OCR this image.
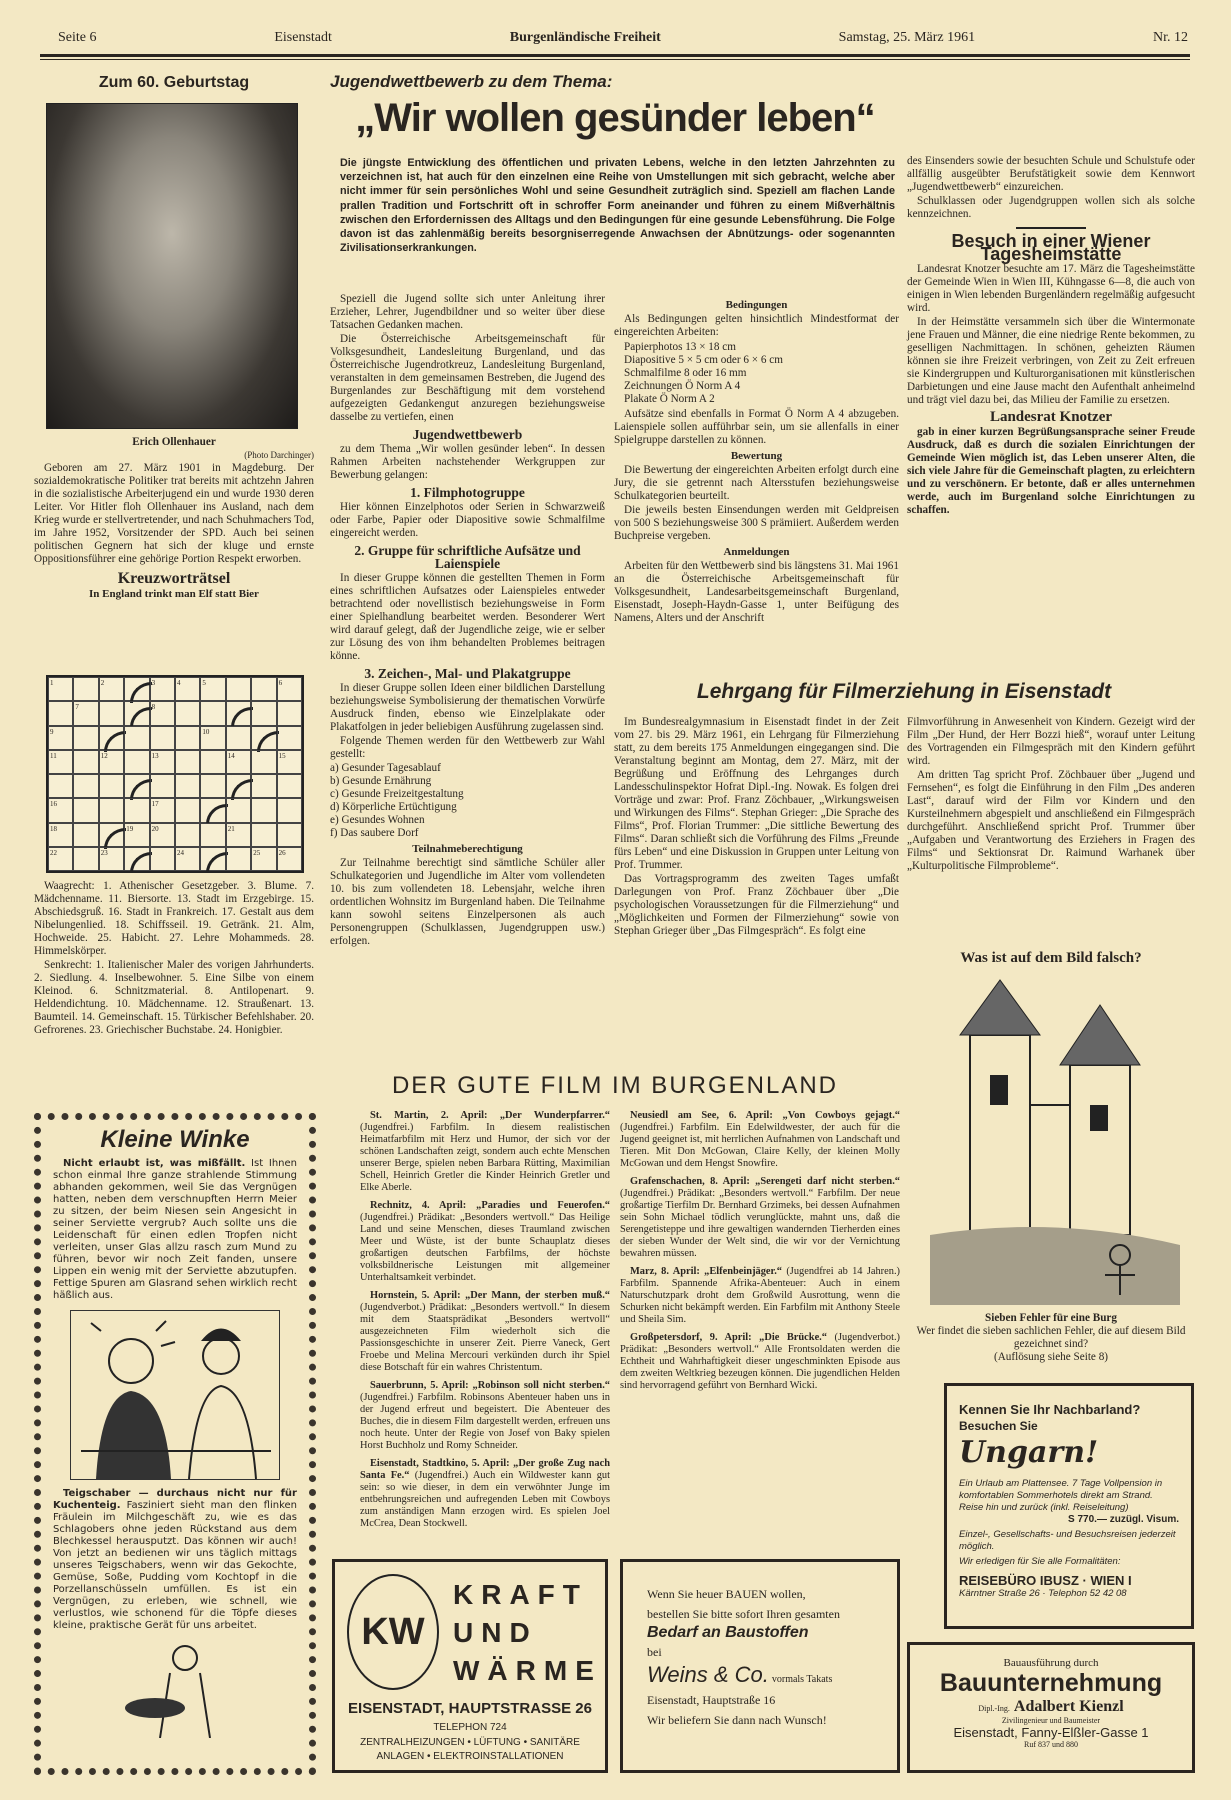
Seite 6	Eisenstadt	Burgenländische Freiheit	Samstag, 25. März 1961	Nr. 12
Zum 60. Geburtstag
Erich Ollenhauer
(Photo Darchinger)

Geboren am 27. März 1901 in Magdeburg. Der sozialdemokratische Politiker trat bereits mit achtzehn Jahren in die sozialistische Arbeiterjugend ein und wurde 1930 deren Leiter. Vor Hitler floh Ollenhauer ins Ausland, nach dem Krieg wurde er stellvertretender, und nach Schuhmachers Tod, im Jahre 1952, Vorsitzender der SPD. Auch bei seinen politischen Gegnern hat sich der kluge und ernste Oppositionsführer eine gehörige Portion Respekt erworben.

Kreuzworträtsel
In England trinkt man Elf statt Bier
1	2	3	4	5	6
7	8
9	10
11	12	13	14	15
16	17
18	19	20	21
22	23	24	25	26

Waagrecht: 1. Athenischer Gesetzgeber. 3. Blume. 7. Mädchenname. 11. Biersorte. 13. Stadt im Erzgebirge. 15. Abschiedsgruß. 16. Stadt in Frankreich. 17. Gestalt aus dem Nibelungenlied. 18. Schiffsseil. 19. Getränk. 21. Alm, Hochweide. 25. Habicht. 27. Lehre Mohammeds. 28. Himmelskörper.

Senkrecht: 1. Italienischer Maler des vorigen Jahrhunderts. 2. Siedlung. 4. Inselbewohner. 5. Eine Silbe von einem Kleinod. 6. Schnitzmaterial. 8. Antilopenart. 9. Heldendichtung. 10. Mädchenname. 12. Straußenart. 13. Baumteil. 14. Gemeinschaft. 15. Türkischer Befehlshaber. 20. Gefrorenes. 23. Griechischer Buchstabe. 24. Honigbier.

Kleine Winke

Nicht erlaubt ist, was mißfällt. Ist Ihnen schon einmal Ihre ganze strahlende Stimmung abhanden gekommen, weil Sie das Vergnügen hatten, neben dem verschnupften Herrn Meier zu sitzen, der beim Niesen sein Angesicht in seiner Serviette vergrub? Auch sollte uns die Leidenschaft für einen edlen Tropfen nicht verleiten, unser Glas allzu rasch zum Mund zu führen, bevor wir noch Zeit fanden, unsere Lippen ein wenig mit der Serviette abzutupfen. Fettige Spuren am Glasrand sehen wirklich recht häßlich aus.

Teigschaber — durchaus nicht nur für Kuchenteig. Fasziniert sieht man den flinken Fräulein im Milchgeschäft zu, wie es das Schlagobers ohne jeden Rückstand aus dem Blechkessel herausputzt. Das können wir auch! Von jetzt an bedienen wir uns täglich mittags unseres Teigschabers, wenn wir das Gekochte, Gemüse, Soße, Pudding vom Kochtopf in die Porzellanschüsseln umfüllen. Es ist ein Vergnügen, zu erleben, wie schnell, wie verlustlos, wie schonend für die Töpfe dieses kleine, praktische Gerät für uns arbeitet.

Jugendwettbewerb zu dem Thema:
„Wir wollen gesünder leben“
Die jüngste Entwicklung des öffentlichen und privaten Lebens, welche in den letzten Jahrzehnten zu verzeichnen ist, hat auch für den einzelnen eine Reihe von Umstellungen mit sich gebracht, welche aber nicht immer für sein persönliches Wohl und seine Gesundheit zuträglich sind. Speziell am flachen Lande prallen Tradition und Fortschritt oft in schroffer Form aneinander und führen zu einem Mißverhältnis zwischen den Erfordernissen des Alltags und den Bedingungen für eine gesunde Lebensführung. Die Folge davon ist das zahlenmäßig bereits besorgniserregende Anwachsen der Abnützungs- oder sogenannten Zivilisationserkrankungen.

Speziell die Jugend sollte sich unter Anleitung ihrer Erzieher, Lehrer, Jugendbildner und so weiter über diese Tatsachen Gedanken machen.

Die Österreichische Arbeitsgemeinschaft für Volksgesundheit, Landesleitung Burgenland, und das Österreichische Jugendrotkreuz, Landesleitung Burgenland, veranstalten in dem gemeinsamen Bestreben, die Jugend des Burgenlandes zur Beschäftigung mit dem vorstehend aufgezeigten Gedankengut anzuregen beziehungsweise dasselbe zu vertiefen, einen

Jugendwettbewerb

zu dem Thema „Wir wollen gesünder leben“. In dessen Rahmen Arbeiten nachstehender Werkgruppen zur Bewerbung gelangen:

1. Filmphotogruppe

Hier können Einzelphotos oder Serien in Schwarzweiß oder Farbe, Papier oder Diapositive sowie Schmalfilme eingereicht werden.

2. Gruppe für schriftliche Aufsätze und Laienspiele

In dieser Gruppe können die gestellten Themen in Form eines schriftlichen Aufsatzes oder Laienspieles entweder betrachtend oder novellistisch beziehungsweise in Form einer Spielhandlung bearbeitet werden. Besonderer Wert wird darauf gelegt, daß der Jugendliche zeige, wie er selber zur Lösung des von ihm behandelten Problemes beitragen könne.

3. Zeichen-, Mal- und Plakatgruppe

In dieser Gruppe sollen Ideen einer bildlichen Darstellung beziehungsweise Symbolisierung der thematischen Vorwürfe Ausdruck finden, ebenso wie Einzelplakate oder Plakatfolgen in jeder beliebigen Ausführung zugelassen sind.

Folgende Themen werden für den Wettbewerb zur Wahl gestellt:

a) Gesunder Tagesablauf
b) Gesunde Ernährung
c) Gesunde Freizeitgestaltung
d) Körperliche Ertüchtigung
e) Gesundes Wohnen
f) Das saubere Dorf
Teilnahmeberechtigung

Zur Teilnahme berechtigt sind sämtliche Schüler aller Schulkategorien und Jugendliche im Alter vom vollendeten 10. bis zum vollendeten 18. Lebensjahr, welche ihren ordentlichen Wohnsitz im Burgenland haben. Die Teilnahme kann sowohl seitens Einzelpersonen als auch Personengruppen (Schulklassen, Jugendgruppen usw.) erfolgen.

Bedingungen

Als Bedingungen gelten hinsichtlich Mindestformat der eingereichten Arbeiten:

Papierphotos 13 × 18 cm
Diapositive 5 × 5 cm oder 6 × 6 cm
Schmalfilme 8 oder 16 mm
Zeichnungen Ö Norm A 4
Plakate Ö Norm A 2

Aufsätze sind ebenfalls in Format Ö Norm A 4 abzugeben. Laienspiele sollen aufführbar sein, um sie allenfalls in einer Spielgruppe darstellen zu können.

Bewertung

Die Bewertung der eingereichten Arbeiten erfolgt durch eine Jury, die sie getrennt nach Altersstufen beziehungsweise Schulkategorien beurteilt.

Die jeweils besten Einsendungen werden mit Geldpreisen von 500 S beziehungsweise 300 S prämiiert. Außerdem werden Buchpreise vergeben.

Anmeldungen

Arbeiten für den Wettbewerb sind bis längstens 31. Mai 1961 an die Österreichische Arbeitsgemeinschaft für Volksgesundheit, Landesarbeitsgemeinschaft Burgenland, Eisenstadt, Joseph-Haydn-Gasse 1, unter Beifügung des Namens, Alters und der Anschrift

des Einsenders sowie der besuchten Schule und Schulstufe oder allfällig ausgeübter Berufstätigkeit sowie dem Kennwort „Jugendwettbewerb“ einzureichen.

Schulklassen oder Jugendgruppen wollen sich als solche kennzeichnen.

Besuch in einer Wiener Tagesheimstätte

Landesrat Knotzer besuchte am 17. März die Tagesheimstätte der Gemeinde Wien in Wien III, Kühngasse 6—8, die auch von einigen in Wien lebenden Burgenländern regelmäßig aufgesucht wird.

In der Heimstätte versammeln sich über die Wintermonate jene Frauen und Männer, die eine niedrige Rente bekommen, zu geselligen Nachmittagen. In schönen, geheizten Räumen können sie ihre Freizeit verbringen, von Zeit zu Zeit erfreuen sie Kindergruppen und Kulturorganisationen mit künstlerischen Darbietungen und eine Jause macht den Aufenthalt anheimelnd und trägt viel dazu bei, das Milieu der Familie zu ersetzen.

Landesrat Knotzer

gab in einer kurzen Begrüßungsansprache seiner Freude Ausdruck, daß es durch die sozialen Einrichtungen der Gemeinde Wien möglich ist, das Leben unserer Alten, die sich viele Jahre für die Gemeinschaft plagten, zu erleichtern und zu verschönern. Er betonte, daß er alles unternehmen werde, auch im Burgenland solche Einrichtungen zu schaffen.

Lehrgang für Filmerziehung in Eisenstadt

Im Bundesrealgymnasium in Eisenstadt findet in der Zeit vom 27. bis 29. März 1961, ein Lehrgang für Filmerziehung statt, zu dem bereits 175 Anmeldungen eingegangen sind. Die Veranstaltung beginnt am Montag, dem 27. März, mit der Begrüßung und Eröffnung des Lehrganges durch Landesschulinspektor Hofrat Dipl.-Ing. Nowak. Es folgen drei Vorträge und zwar: Prof. Franz Zöchbauer, „Wirkungsweisen und Wirkungen des Films“. Stephan Grieger: „Die Sprache des Films“, Prof. Florian Trummer: „Die sittliche Bewertung des Films“. Daran schließt sich die Vorführung des Films „Freunde fürs Leben“ und eine Diskussion in Gruppen unter Leitung von Prof. Trummer.

Das Vortragsprogramm des zweiten Tages umfaßt Darlegungen von Prof. Franz Zöchbauer über „Die psychologischen Voraussetzungen für die Filmerziehung“ und „Möglichkeiten und Formen der Filmerziehung“ sowie von Stephan Grieger über „Das Filmgespräch“. Es folgt eine

Filmvorführung in Anwesenheit von Kindern. Gezeigt wird der Film „Der Hund, der Herr Bozzi hieß“, worauf unter Leitung des Vortragenden ein Filmgespräch mit den Kindern geführt wird.

Am dritten Tag spricht Prof. Zöchbauer über „Jugend und Fernsehen“, es folgt die Einführung in den Film „Des anderen Last“, darauf wird der Film vor Kindern und den Kursteilnehmern abgespielt und anschließend ein Filmgespräch durchgeführt. Anschließend spricht Prof. Trummer über „Aufgaben und Verantwortung des Erziehers in Fragen des Films“ und Sektionsrat Dr. Raimund Warhanek über „Kulturpolitische Filmprobleme“.

Was ist auf dem Bild falsch?
Sieben Fehler für eine Burg
Wer findet die sieben sachlichen Fehler, die auf diesem Bild gezeichnet sind?
(Auflösung siehe Seite 8)
DER GUTE FILM IM BURGENLAND

St. Martin, 2. April: „Der Wunderpfarrer.“ (Jugendfrei.) Farbfilm. In diesem realistischen Heimatfarbfilm mit Herz und Humor, der sich vor der schönen Landschaften zeigt, sondern auch echte Menschen unserer Berge, spielen neben Barbara Rütting, Maximilian Schell, Heinrich Gretler die Kinder Heinrich Gretler und Elke Aberle.

Rechnitz, 4. April: „Paradies und Feuerofen.“ (Jugendfrei.) Prädikat: „Besonders wertvoll.“ Das Heilige Land und seine Menschen, dieses Traumland zwischen Meer und Wüste, ist der bunte Schauplatz dieses großartigen deutschen Farbfilms, der höchste volksbildnerische Leistungen mit allgemeiner Unterhaltsamkeit verbindet.

Hornstein, 5. April: „Der Mann, der sterben muß.“ (Jugendverbot.) Prädikat: „Besonders wertvoll.“ In diesem mit dem Staatsprädikat „Besonders wertvoll“ ausgezeichneten Film wiederholt sich die Passionsgeschichte in unserer Zeit. Pierre Vaneck, Gert Froebe und Melina Mercouri verkünden durch ihr Spiel diese Botschaft für ein wahres Christentum.

Sauerbrunn, 5. April: „Robinson soll nicht sterben.“ (Jugendfrei.) Farbfilm. Robinsons Abenteuer haben uns in der Jugend erfreut und begeistert. Die Abenteuer des Buches, die in diesem Film dargestellt werden, erfreuen uns noch heute. Unter der Regie von Josef von Baky spielen Horst Buchholz und Romy Schneider.

Eisenstadt, Stadtkino, 5. April: „Der große Zug nach Santa Fe.“ (Jugendfrei.) Auch ein Wildwester kann gut sein: so wie dieser, in dem ein verwöhnter Junge im entbehrungsreichen und aufregenden Leben mit Cowboys zum anständigen Mann erzogen wird. Es spielen Joel McCrea, Dean Stockwell.

Neusiedl am See, 6. April: „Von Cowboys gejagt.“ (Jugendfrei.) Farbfilm. Ein Edelwildwester, der auch für die Jugend geeignet ist, mit herrlichen Aufnahmen von Landschaft und Tieren. Mit Don McGowan, Claire Kelly, der kleinen Molly McGowan und dem Hengst Snowfire.

Grafenschachen, 8. April: „Serengeti darf nicht sterben.“ (Jugendfrei.) Prädikat: „Besonders wertvoll.“ Farbfilm. Der neue großartige Tierfilm Dr. Bernhard Grzimeks, bei dessen Aufnahmen sein Sohn Michael tödlich verunglückte, mahnt uns, daß die Serengetisteppe und ihre gewaltigen wandernden Tierherden eines der sieben Wunder der Welt sind, die wir vor der Vernichtung bewahren müssen.

Marz, 8. April: „Elfenbeinjäger.“ (Jugendfrei ab 14 Jahren.) Farbfilm. Spannende Afrika-Abenteuer: Auch in einem Naturschutzpark droht dem Großwild Ausrottung, wenn die Schurken nicht bekämpft werden. Ein Farbfilm mit Anthony Steele und Sheila Sim.

Großpetersdorf, 9. April: „Die Brücke.“ (Jugendverbot.) Prädikat: „Besonders wertvoll.“ Alle Frontsoldaten werden die Echtheit und Wahrhaftigkeit dieser ungeschminkten Episode aus dem zweiten Weltkrieg bezeugen können. Die jugendlichen Helden sind hervorragend geführt von Bernhard Wicki.

KW
KRAFT
UND
WÄRME
EISENSTADT, HAUPTSTRASSE 26
TELEPHON 724
ZENTRALHEIZUNGEN • LÜFTUNG • SANITÄRE ANLAGEN • ELEKTROINSTALLATIONEN
Wenn Sie heuer BAUEN wollen,
bestellen Sie bitte sofort Ihren gesamten
Bedarf an Baustoffen
bei
Weins & Co. vormals Takats
Eisenstadt, Hauptstraße 16
Wir beliefern Sie dann nach Wunsch!
Kennen Sie Ihr Nachbarland?
Besuchen Sie Ungarn!
Ein Urlaub am Plattensee. 7 Tage Vollpension in komfortablen Sommerhotels direkt am Strand. Reise hin und zurück (inkl. Reiseleitung)
S 770.— zuzügl. Visum.
Einzel-, Gesellschafts- und Besuchsreisen jederzeit möglich.
Wir erledigen für Sie alle Formalitäten:
REISEBÜRO IBUSZ · WIEN I
Kärntner Straße 26 · Telephon 52 42 08
Bauausführung durch
Bauunternehmung
Dipl.-Ing. Adalbert Kienzl
Zivilingenieur und Baumeister
Eisenstadt, Fanny-Elßler-Gasse 1
Ruf 837 und 880
